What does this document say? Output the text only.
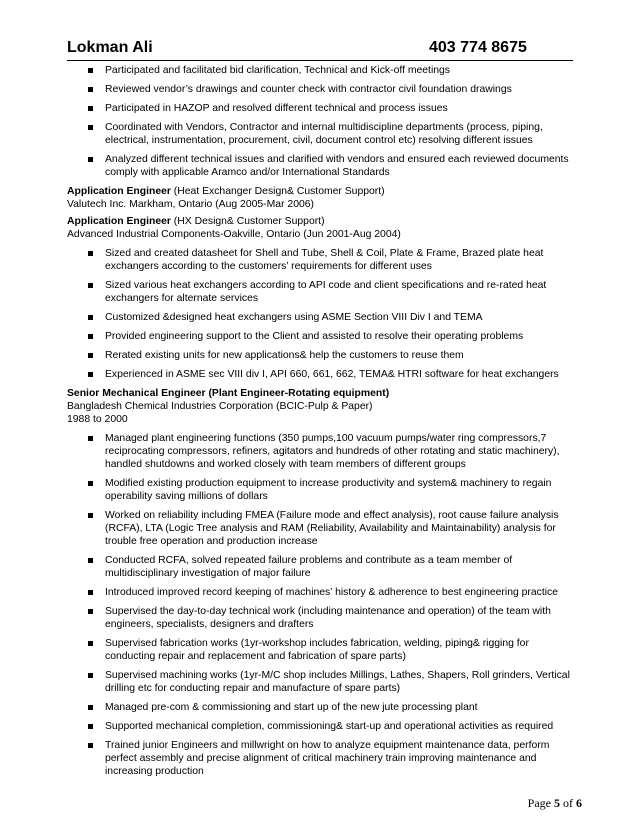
Lokman Ali	403 774 8675
Participated and facilitated bid clarification, Technical and Kick-off meetings
Reviewed vendor’s drawings and counter check with contractor civil foundation drawings
Participated in HAZOP and resolved different technical and process issues
Coordinated with Vendors, Contractor and internal multidiscipline departments (process, piping, electrical, instrumentation, procurement, civil, document control etc) resolving different issues
Analyzed different technical issues and clarified with vendors and ensured each reviewed documents comply with applicable Aramco and/or International Standards

Application Engineer (Heat Exchanger Design& Customer Support)

Valutech Inc. Markham, Ontario (Aug 2005-Mar 2006)

Application Engineer (HX Design& Customer Support)

Advanced Industrial Components-Oakville, Ontario (Jun 2001-Aug 2004)

Sized and created datasheet for Shell and Tube, Shell & Coil, Plate & Frame, Brazed plate heat exchangers according to the customers’ requirements for different uses
Sized various heat exchangers according to API code and client specifications and re-rated heat exchangers for alternate services
Customized &designed heat exchangers using ASME Section VIII Div I and TEMA
Provided engineering support to the Client and assisted to resolve their operating problems
Rerated existing units for new applications& help the customers to reuse them
Experienced in ASME sec VIII div I, API 660, 661, 662, TEMA& HTRI software for heat exchangers

Senior Mechanical Engineer (Plant Engineer-Rotating equipment)

Bangladesh Chemical Industries Corporation (BCIC-Pulp & Paper)

1988 to 2000

Managed plant engineering functions (350 pumps,100 vacuum pumps/water ring compressors,7 reciprocating compressors, refiners, agitators and hundreds of other rotating and static machinery), handled shutdowns and worked closely with team members of different groups
Modified existing production equipment to increase productivity and system& machinery to regain operability saving millions of dollars
Worked on reliability including FMEA (Failure mode and effect analysis), root cause failure analysis (RCFA), LTA (Logic Tree analysis and RAM (Reliability, Availability and Maintainability) analysis for trouble free operation and production increase
Conducted RCFA, solved repeated failure problems and contribute as a team member of multidisciplinary investigation of major failure
Introduced improved record keeping of machines’ history & adherence to best engineering practice
Supervised the day-to-day technical work (including maintenance and operation) of the team with engineers, specialists, designers and drafters
Supervised fabrication works (1yr-workshop includes fabrication, welding, piping& rigging for conducting repair and replacement and fabrication of spare parts)
Supervised machining works (1yr-M/C shop includes Millings, Lathes, Shapers, Roll grinders, Vertical drilling etc for conducting repair and manufacture of spare parts)
Managed pre-com & commissioning and start up of the new jute processing plant
Supported mechanical completion, commissioning& start-up and operational activities as required
Trained junior Engineers and millwright on how to analyze equipment maintenance data, perform perfect assembly and precise alignment of critical machinery train improving maintenance and increasing production
Page 5 of 6
